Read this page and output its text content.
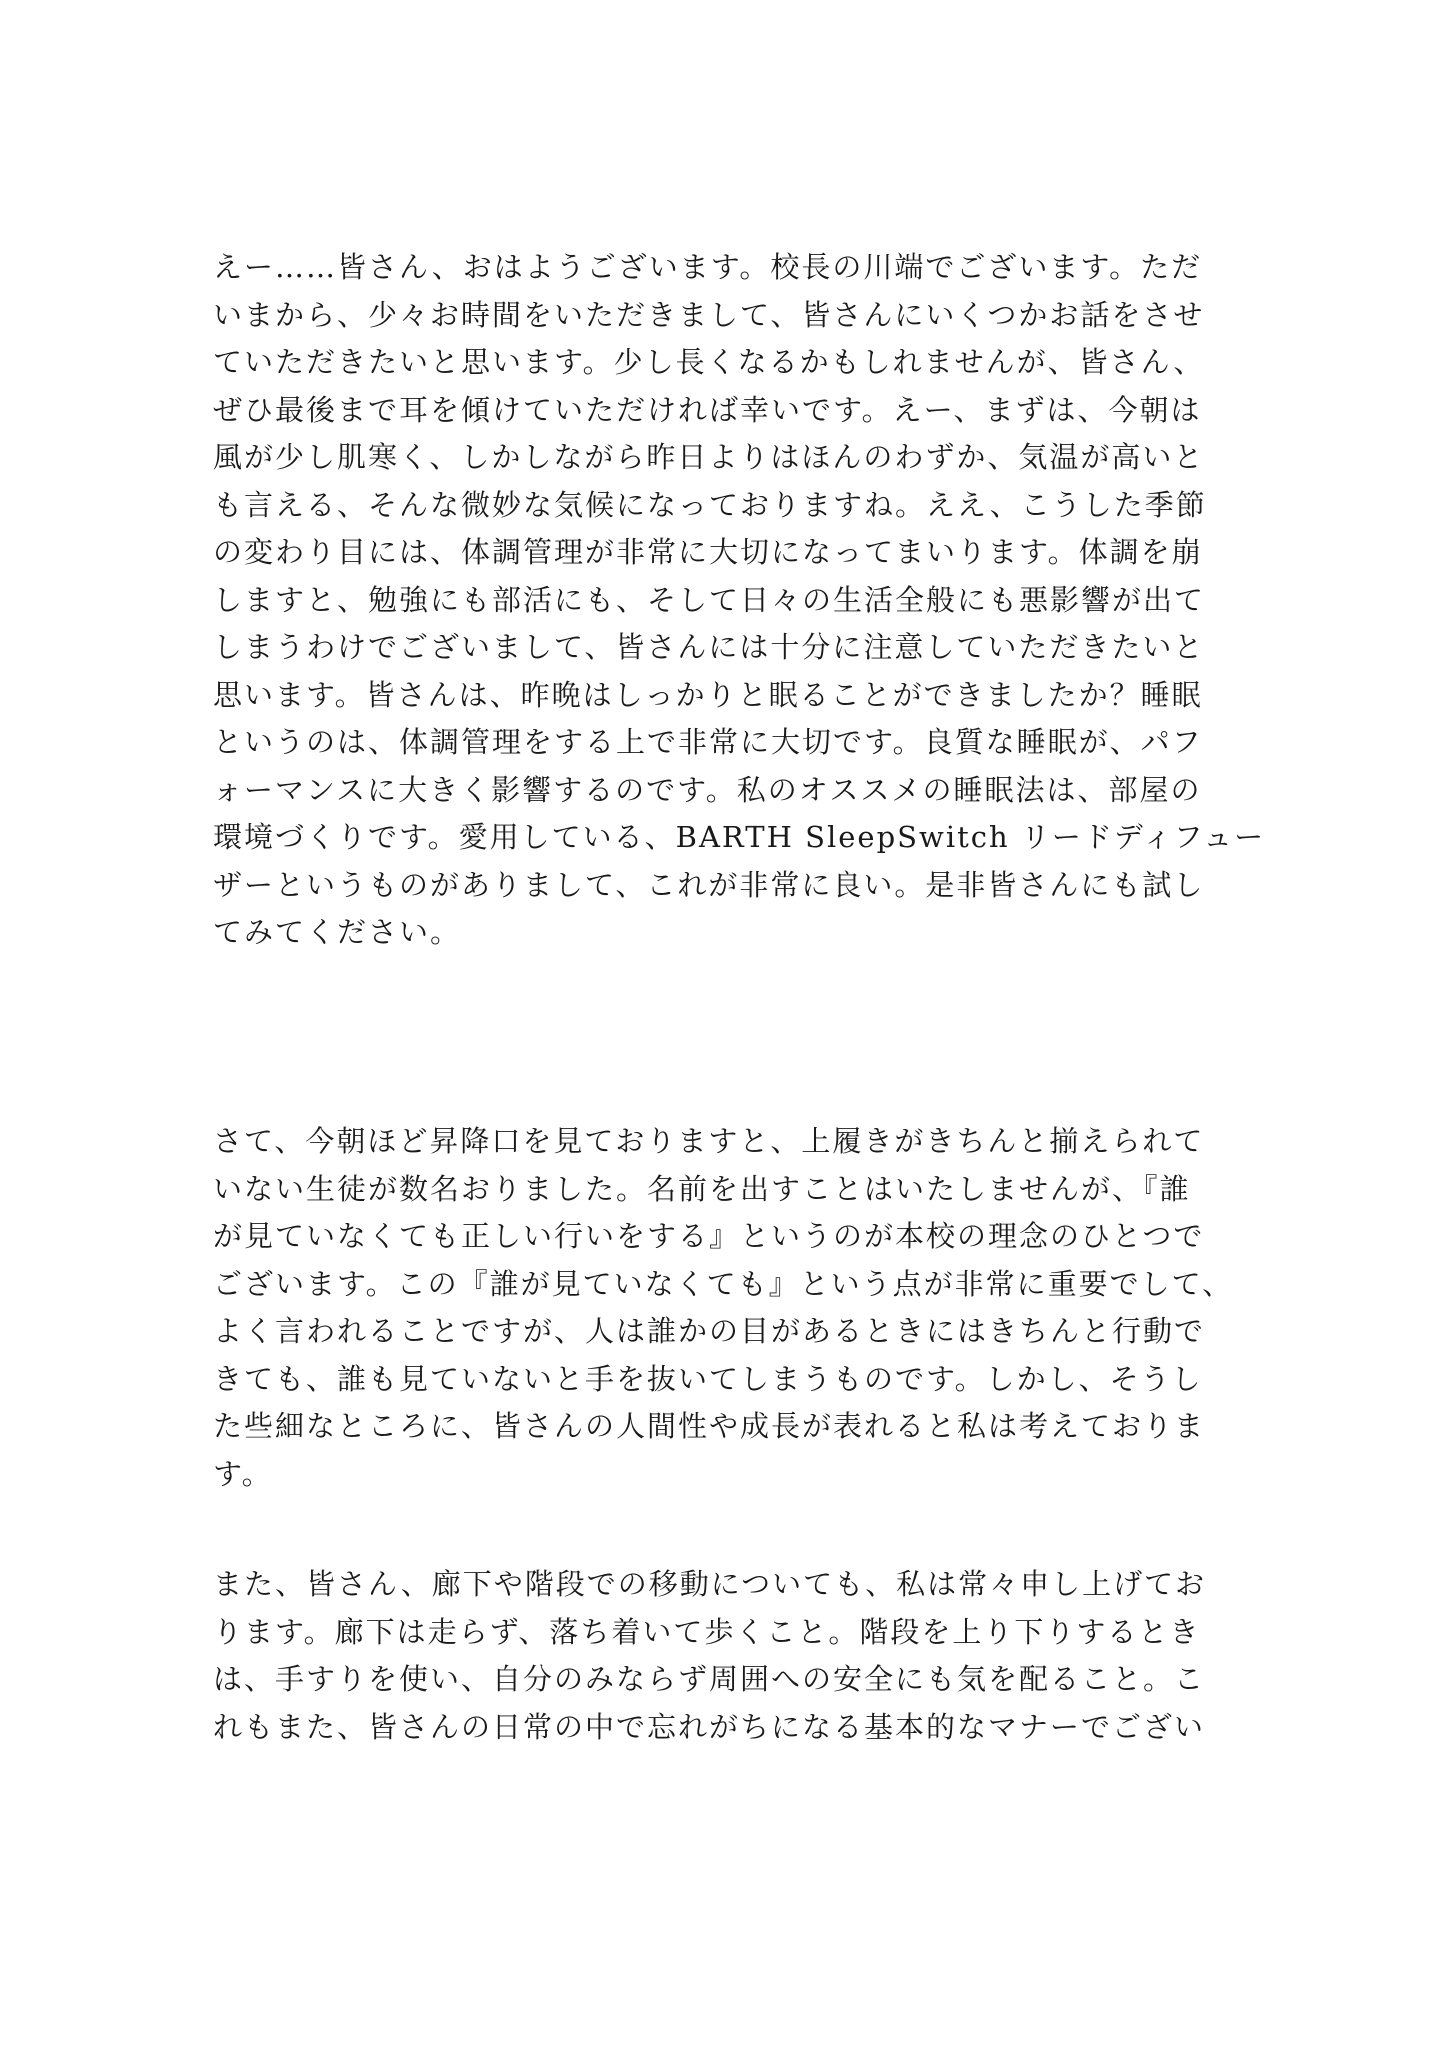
えー……皆さん、おはようございます。校長の川端でございます。ただ
いまから、少々お時間をいただきまして、皆さんにいくつかお話をさせ
ていただきたいと思います。少し長くなるかもしれませんが、皆さん、
ぜひ最後まで耳を傾けていただければ幸いです。えー、まずは、今朝は
風が少し肌寒く、しかしながら昨日よりはほんのわずか、気温が高いと
も言える、そんな微妙な気候になっておりますね。ええ、こうした季節
の変わり目には、体調管理が非常に大切になってまいります。体調を崩
しますと、勉強にも部活にも、そして日々の生活全般にも悪影響が出て
しまうわけでございまして、皆さんには十分に注意していただきたいと
思います。皆さんは、昨晩はしっかりと眠ることができましたか？睡眠
というのは、体調管理をする上で非常に大切です。良質な睡眠が、パフ
ォーマンスに大きく影響するのです。私のオススメの睡眠法は、部屋の
環境づくりです。愛用している、BARTH SleepSwitch リードディフュー
ザーというものがありまして、これが非常に良い。是非皆さんにも試し
てみてください。
さて、今朝ほど昇降口を見ておりますと、上履きがきちんと揃えられて
いない生徒が数名おりました。名前を出すことはいたしませんが、『誰
が見ていなくても正しい行いをする』というのが本校の理念のひとつで
ございます。この『誰が見ていなくても』という点が非常に重要でして、
よく言われることですが、人は誰かの目があるときにはきちんと行動で
きても、誰も見ていないと手を抜いてしまうものです。しかし、そうし
た些細なところに、皆さんの人間性や成長が表れると私は考えておりま
す。
また、皆さん、廊下や階段での移動についても、私は常々申し上げてお
ります。廊下は走らず、落ち着いて歩くこと。階段を上り下りするとき
は、手すりを使い、自分のみならず周囲への安全にも気を配ること。こ
れもまた、皆さんの日常の中で忘れがちになる基本的なマナーでござい
